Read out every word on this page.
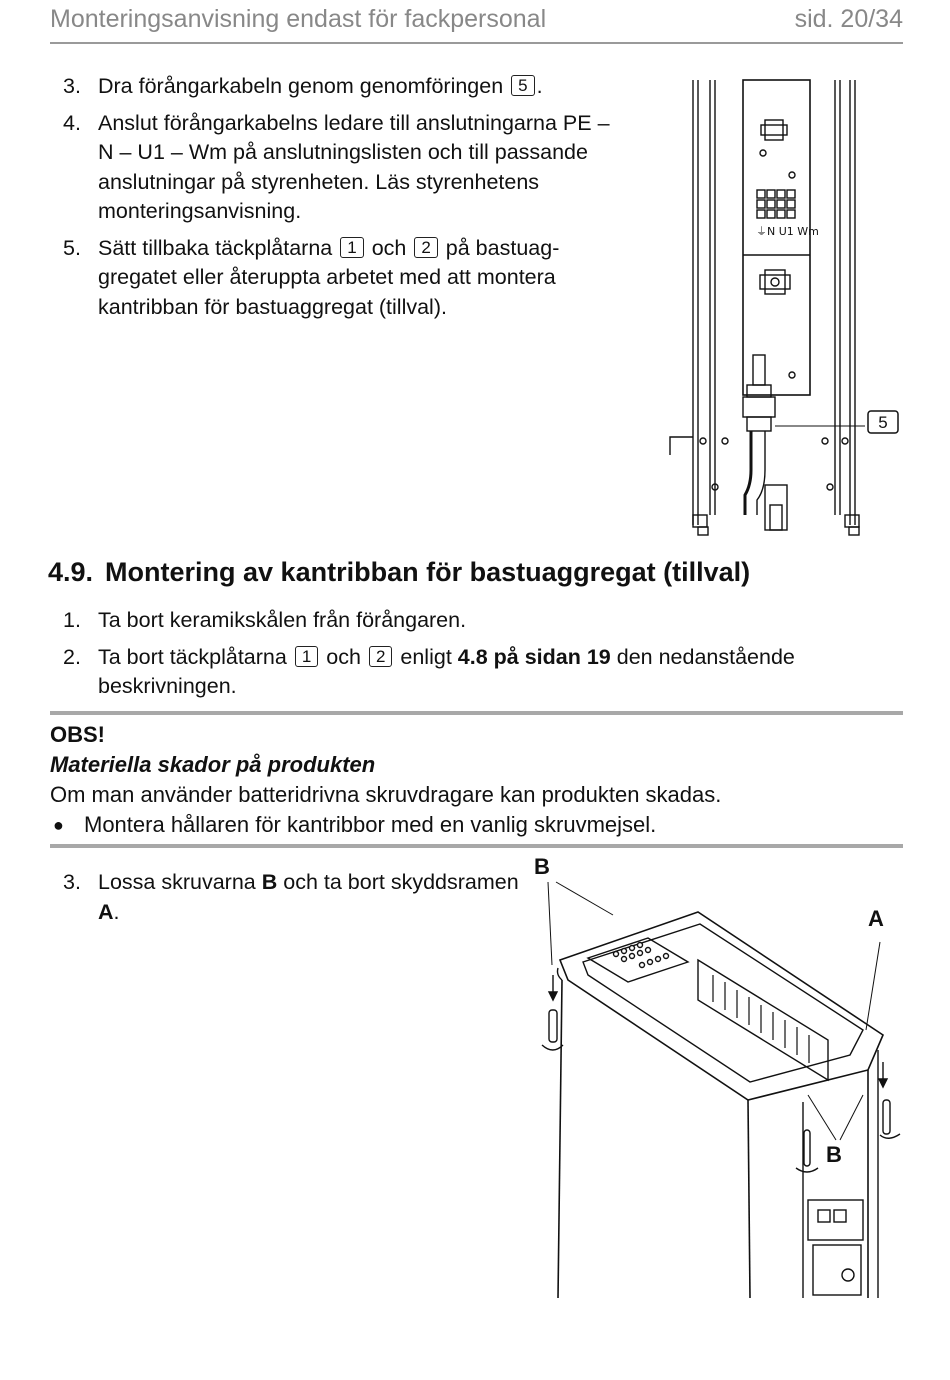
Monteringsanvisning endast för fackpersonal	sid. 20/34
3. Dra förångarkabeln genom genomföringen 5 .
4. Anslut förångarkabelns ledare till anslutningarna PE – N – U1 – Wm på anslutningslisten och till passande anslutningar på styrenheten. Läs styrenhetens monteringsanvisning.
5. Sätt tillbaka täckplåtarna 1 och 2 på bastuaggregatet eller återuppta arbetet med att montera kantribban för bastuaggregat (tillval).
⏚N U1 Wm
5
4.9. Montering av kantribban för bastuaggregat (tillval)
1. Ta bort keramikskålen från förångaren.
2. Ta bort täckplåtarna 1 och 2 enligt 4.8 på sidan 19 den nedanstående beskrivningen.
OBS!
Materiella skador på produkten
Om man använder batteridrivna skruvdragare kan produkten skadas.
● Montera hållaren för kantribbor med en vanlig skruvmejsel.
3. Lossa skruvarna B och ta bort skyddsramen A.
B
A
B
